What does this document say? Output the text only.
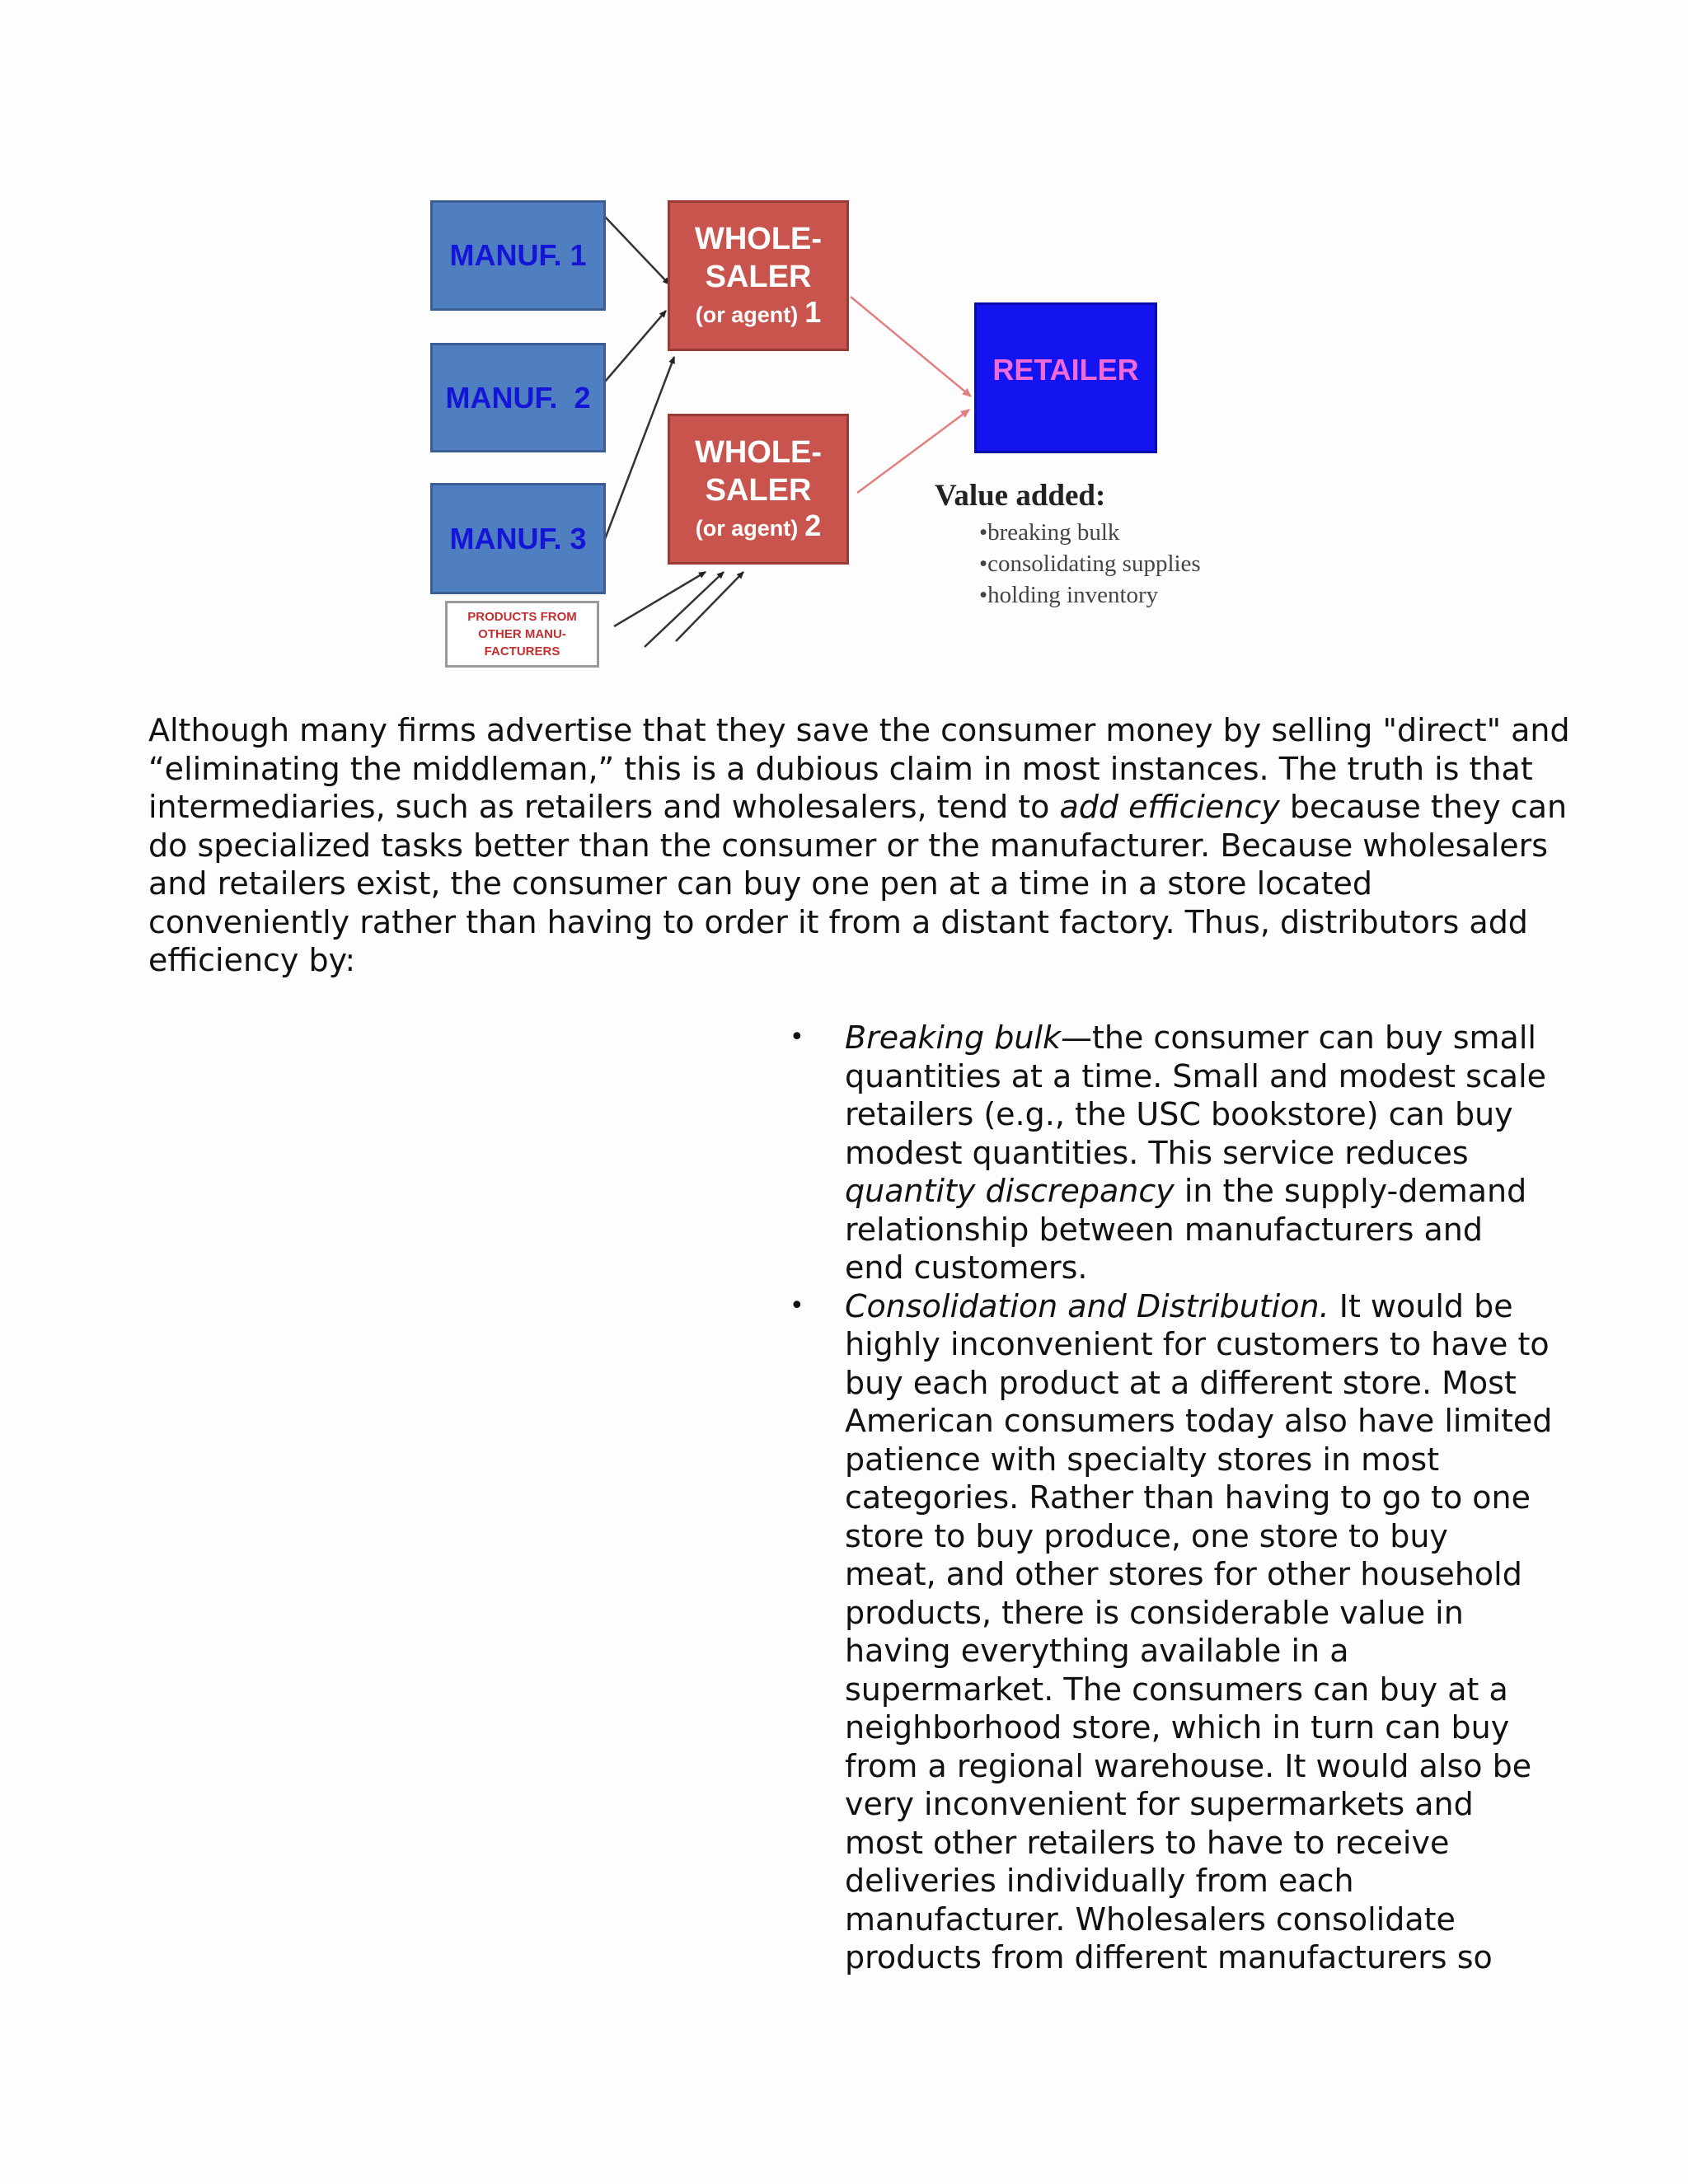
MANUF. 1
MANUF.  2
MANUF. 3
PRODUCTS FROM
OTHER MANU-
FACTURERS
WHOLE-
SALER
(or agent) 1
WHOLE-
SALER
(or agent) 2
RETAILER
Value added:
•breaking bulk
•consolidating supplies
•holding inventory
Although many firms advertise that they save the consumer money by selling "direct" and
“eliminating the middleman,” this is a dubious claim in most instances. The truth is that
intermediaries, such as retailers and wholesalers, tend to add efficiency because they can
do specialized tasks better than the consumer or the manufacturer. Because wholesalers
and retailers exist, the consumer can buy one pen at a time in a store located
conveniently rather than having to order it from a distant factory. Thus, distributors add
efficiency by:
• Breaking bulk—the consumer can buy small
quantities at a time. Small and modest scale
retailers (e.g., the USC bookstore) can buy
modest quantities. This service reduces
quantity discrepancy in the supply-demand
relationship between manufacturers and
end customers.
• Consolidation and Distribution. It would be
highly inconvenient for customers to have to
buy each product at a different store. Most
American consumers today also have limited
patience with specialty stores in most
categories. Rather than having to go to one
store to buy produce, one store to buy
meat, and other stores for other household
products, there is considerable value in
having everything available in a
supermarket. The consumers can buy at a
neighborhood store, which in turn can buy
from a regional warehouse. It would also be
very inconvenient for supermarkets and
most other retailers to have to receive
deliveries individually from each
manufacturer. Wholesalers consolidate
products from different manufacturers so
